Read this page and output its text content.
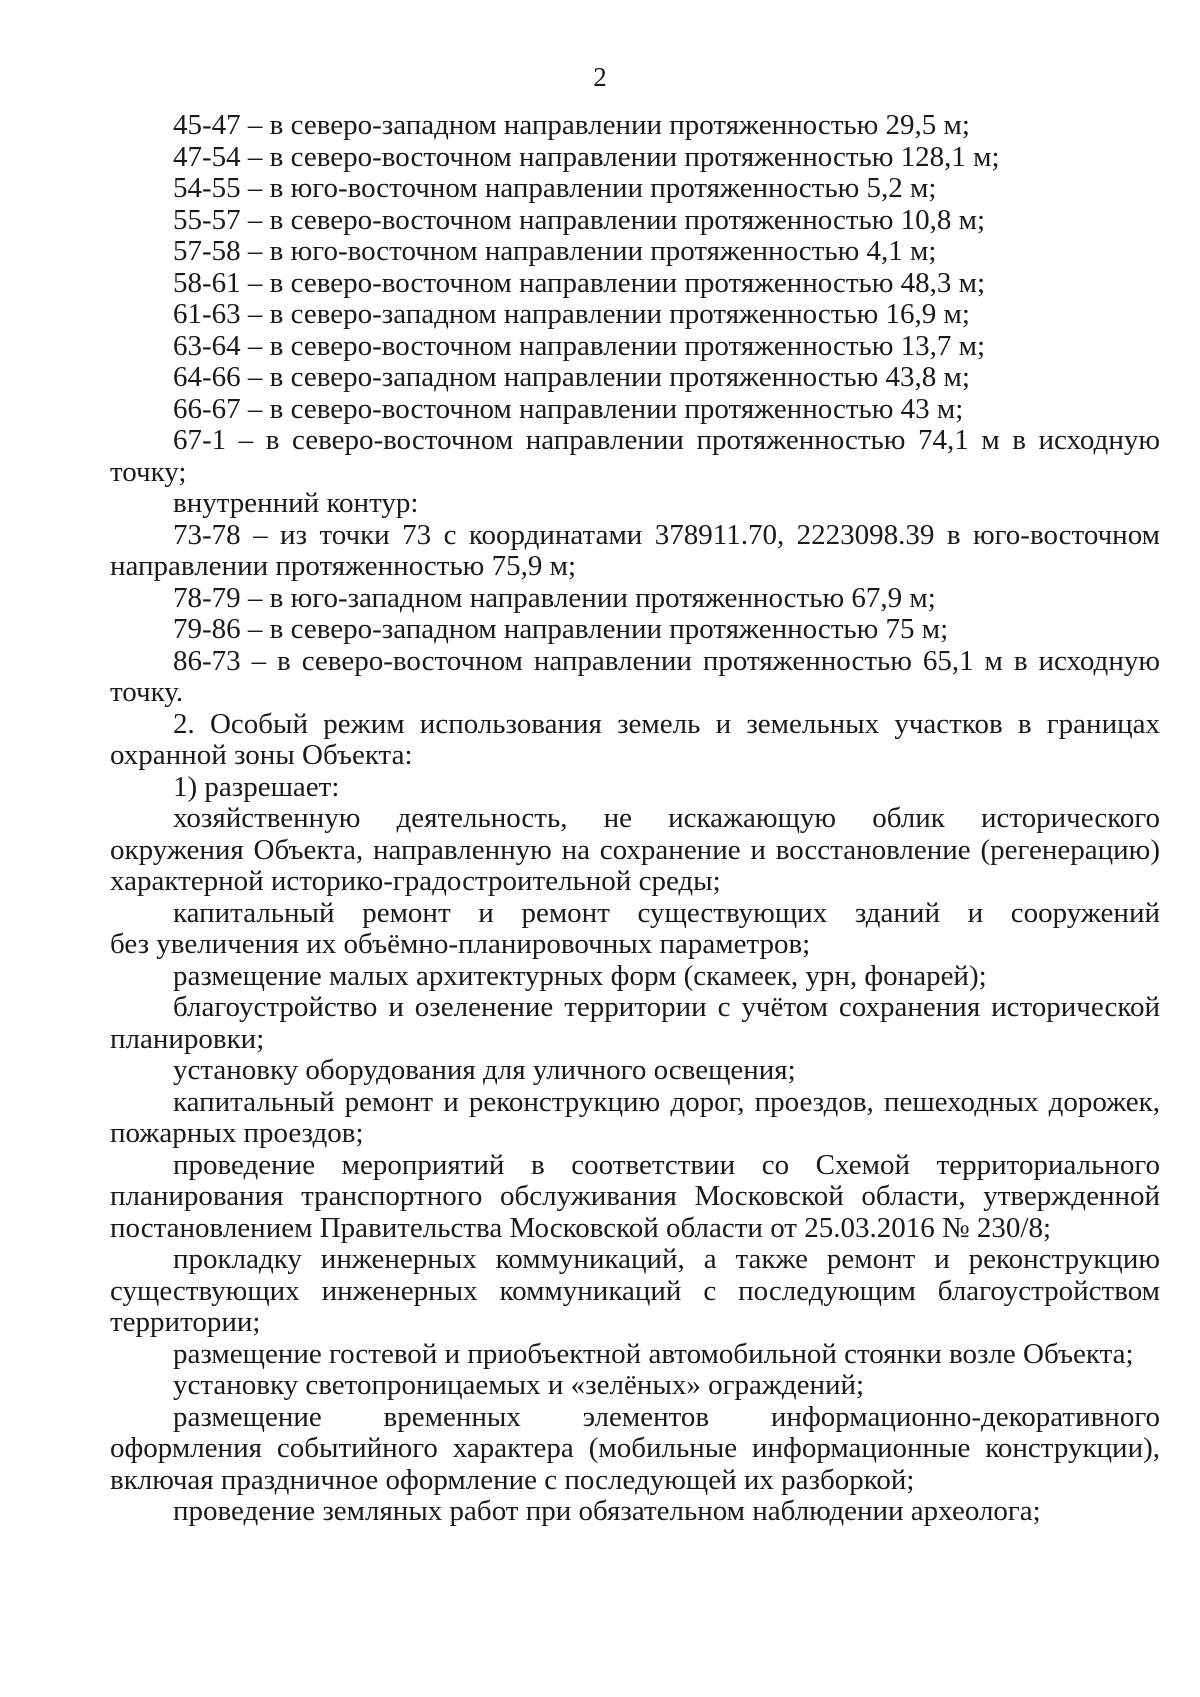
2
45-47 – в северо-западном направлении протяженностью 29,5 м;
47-54 – в северо-восточном направлении протяженностью 128,1 м;
54-55 – в юго-восточном направлении протяженностью 5,2 м;
55-57 – в северо-восточном направлении протяженностью 10,8 м;
57-58 – в юго-восточном направлении протяженностью 4,1 м;
58-61 – в северо-восточном направлении протяженностью 48,3 м;
61-63 – в северо-западном направлении протяженностью 16,9 м;
63-64 – в северо-восточном направлении протяженностью 13,7 м;
64-66 – в северо-западном направлении протяженностью 43,8 м;
66-67 – в северо-восточном направлении протяженностью 43 м;
67-1 – в северо-восточном направлении протяженностью 74,1 м в исходную
точку;
внутренний контур:
73-78 – из точки 73 с координатами 378911.70, 2223098.39 в юго-восточном
направлении протяженностью 75,9 м;
78-79 – в юго-западном направлении протяженностью 67,9 м;
79-86 – в северо-западном направлении протяженностью 75 м;
86-73 – в северо-восточном направлении протяженностью 65,1 м в исходную
точку.
2. Особый режим использования земель и земельных участков в границах
охранной зоны Объекта:
1) разрешает:
хозяйственную деятельность, не искажающую облик исторического
окружения Объекта, направленную на сохранение и восстановление (регенерацию)
характерной историко-градостроительной среды;
капитальный ремонт и ремонт существующих зданий и сооружений
без увеличения их объёмно-планировочных параметров;
размещение малых архитектурных форм (скамеек, урн, фонарей);
благоустройство и озеленение территории с учётом сохранения исторической
планировки;
установку оборудования для уличного освещения;
капитальный ремонт и реконструкцию дорог, проездов, пешеходных дорожек,
пожарных проездов;
проведение мероприятий в соответствии со Схемой территориального
планирования транспортного обслуживания Московской области, утвержденной
постановлением Правительства Московской области от 25.03.2016 № 230/8;
прокладку инженерных коммуникаций, а также ремонт и реконструкцию
существующих инженерных коммуникаций с последующим благоустройством
территории;
размещение гостевой и приобъектной автомобильной стоянки возле Объекта;
установку светопроницаемых и «зелёных» ограждений;
размещение временных элементов информационно-декоративного
оформления событийного характера (мобильные информационные конструкции),
включая праздничное оформление с последующей их разборкой;
проведение земляных работ при обязательном наблюдении археолога;
